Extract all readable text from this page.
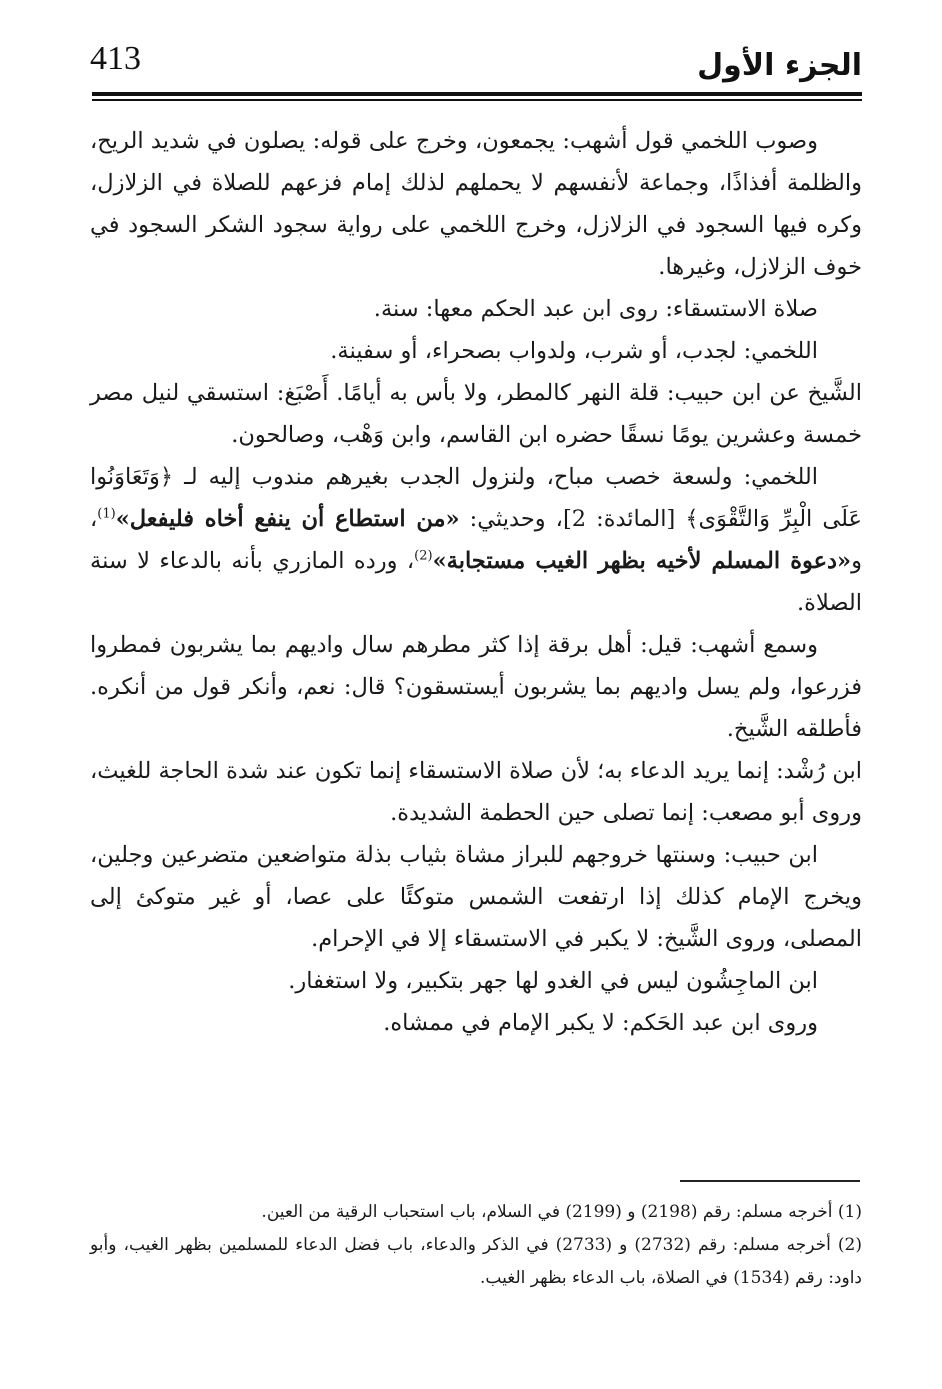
413	الجزء الأول

وصوب اللخمي قول أشهب: يجمعون، وخرج على قوله: يصلون في شديد الريح، والظلمة أفذاذًا، وجماعة لأنفسهم لا يحملهم لذلك إمام فزعهم للصلاة في الزلازل، وكره فيها السجود في الزلازل، وخرج اللخمي على رواية سجود الشكر السجود في خوف الزلازل، وغيرها.

صلاة الاستسقاء: روى ابن عبد الحكم معها: سنة.

اللخمي: لجدب، أو شرب، ولدواب بصحراء، أو سفينة.

الشَّيخ عن ابن حبيب: قلة النهر كالمطر، ولا بأس به أيامًا. أَصْبَغ: استسقي لنيل مصر خمسة وعشرين يومًا نسقًا حضره ابن القاسم، وابن وَهْب، وصالحون.

اللخمي: ولسعة خصب مباح، ولنزول الجدب بغيرهم مندوب إليه لـ ﴿وَتَعَاوَنُوا عَلَى الْبِرِّ وَالتَّقْوَى﴾ [المائدة: 2]، وحديثي: «من استطاع أن ينفع أخاه فليفعل»$^{(1)}$، و«دعوة المسلم لأخيه بظهر الغيب مستجابة»$^{(2)}$، ورده المازري بأنه بالدعاء لا سنة الصلاة.

وسمع أشهب: قيل: أهل برقة إذا كثر مطرهم سال واديهم بما يشربون فمطروا فزرعوا، ولم يسل واديهم بما يشربون أيستسقون؟ قال: نعم، وأنكر قول من أنكره. فأطلقه الشَّيخ.

ابن رُشْد: إنما يريد الدعاء به؛ لأن صلاة الاستسقاء إنما تكون عند شدة الحاجة للغيث، وروى أبو مصعب: إنما تصلى حين الحطمة الشديدة.

ابن حبيب: وسنتها خروجهم للبراز مشاة بثياب بذلة متواضعين متضرعين وجلين، ويخرج الإمام كذلك إذا ارتفعت الشمس متوكئًا على عصا، أو غير متوكئ إلى المصلى، وروى الشَّيخ: لا يكبر في الاستسقاء إلا في الإحرام.

ابن الماجِشُون ليس في الغدو لها جهر بتكبير، ولا استغفار.

وروى ابن عبد الحَكم: لا يكبر الإمام في ممشاه.

(1) أخرجه مسلم: رقم (2198) و (2199) في السلام، باب استحباب الرقية من العين.

(2) أخرجه مسلم: رقم (2732) و (2733) في الذكر والدعاء، باب فضل الدعاء للمسلمين بظهر الغيب، وأبو داود: رقم (1534) في الصلاة، باب الدعاء بظهر الغيب.
